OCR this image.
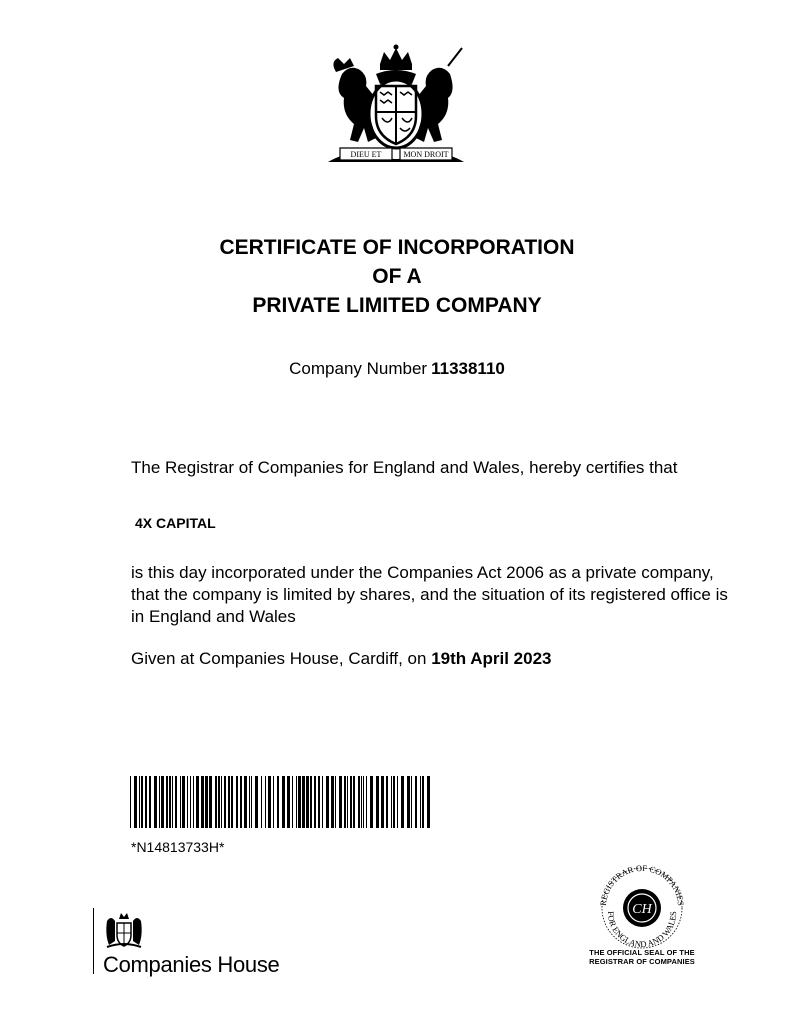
DIEU ET	MON DROIT
CERTIFICATE OF INCORPORATION
OF A
PRIVATE LIMITED COMPANY
Company Number 11338110
The Registrar of Companies for England and Wales, hereby certifies that
4X CAPITAL
is this day incorporated under the Companies Act 2006 as a private company, that the company is limited by shares, and the situation of its registered office is in England and Wales
Given at Companies House, Cardiff, on 19th April 2023
*N14813733H*
Companies House
REGISTRAR OF COMPANIES
FOR ENGLAND AND WALES
CH
THE OFFICIAL SEAL OF THE
REGISTRAR OF COMPANIES
